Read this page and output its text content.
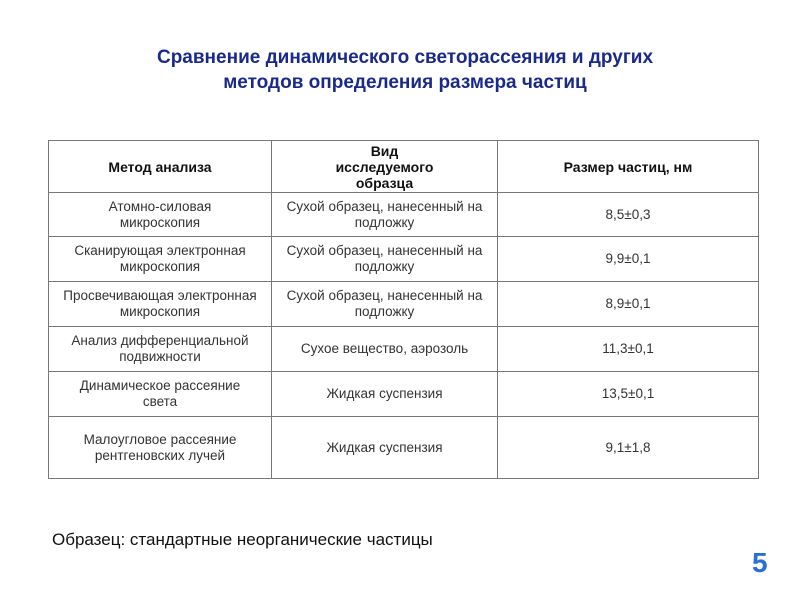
Сравнение динамического светорассеяния и других
методов определения размера частиц
Метод анализа	Вид исследуемого образца	Размер частиц, нм
Атомно-силовая микроскопия	Сухой образец, нанесенный на подложку	8,5±0,3
Сканирующая электронная микроскопия	Сухой образец, нанесенный на подложку	9,9±0,1
Просвечивающая электронная микроскопия	Сухой образец, нанесенный на подложку	8,9±0,1
Анализ дифференциальной подвижности	Сухое вещество, аэрозоль	11,3±0,1
Динамическое рассеяние света	Жидкая суспензия	13,5±0,1
Малоугловое рассеяние рентгеновских лучей	Жидкая суспензия	9,1±1,8
Образец: стандартные неорганические частицы
5
